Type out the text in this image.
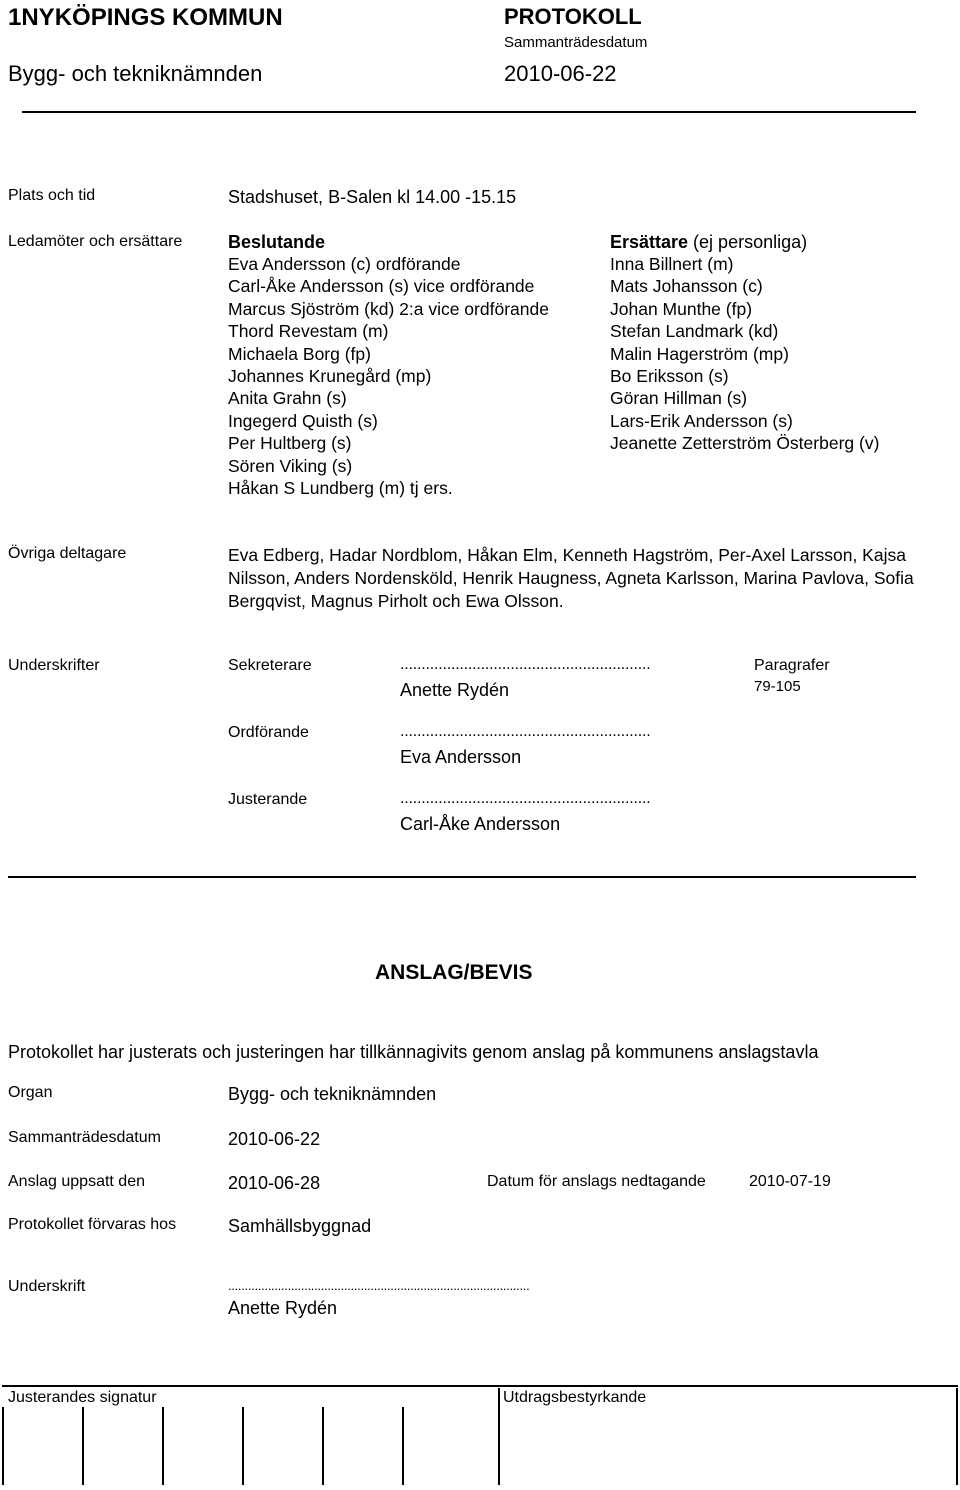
1NYKÖPINGS KOMMUN	PROTOKOLL
Sammanträdesdatum
Bygg- och tekniknämnden	2010-06-22
Plats och tid	Stadshuset, B-Salen kl 14.00 -15.15
Ledamöter och ersättare	Beslutande
Eva Andersson (c) ordförande
Carl-Åke Andersson (s) vice ordförande
Marcus Sjöström (kd) 2:a vice ordförande
Thord Revestam (m)
Michaela Borg (fp)
Johannes Krunegård (mp)
Anita Grahn (s)
Ingegerd Quisth (s)
Per Hultberg (s)
Sören Viking (s)
Håkan S Lundberg (m) tj ers.
Ersättare (ej personliga)
Inna Billnert (m)
Mats Johansson (c)
Johan Munthe (fp)
Stefan Landmark (kd)
Malin Hagerström (mp)
Bo Eriksson (s)
Göran Hillman (s)
Lars-Erik Andersson (s)
Jeanette Zetterström Österberg (v)
Övriga deltagare	Eva Edberg, Hadar Nordblom, Håkan Elm, Kenneth Hagström, Per-Axel Larsson, Kajsa Nilsson, Anders Nordensköld, Henrik Haugness, Agneta Karlsson, Marina Pavlova, Sofia Bergqvist, Magnus Pirholt och Ewa Olsson.
Underskrifter	Sekreterare	...........................................................
Anette Rydén
Paragrafer
79-105
Ordförande	...........................................................
Eva Andersson
Justerande	...........................................................
Carl-Åke Andersson
ANSLAG/BEVIS
Protokollet har justerats och justeringen har tillkännagivits genom anslag på kommunens anslagstavla
Organ	Bygg- och tekniknämnden
Sammanträdesdatum	2010-06-22
Anslag uppsatt den	2010-06-28	Datum för anslags nedtagande	2010-07-19
Protokollet förvaras hos	Samhällsbyggnad
Underskrift	...........................................................................................
Anette Rydén
Justerandes signatur	Utdragsbestyrkande
